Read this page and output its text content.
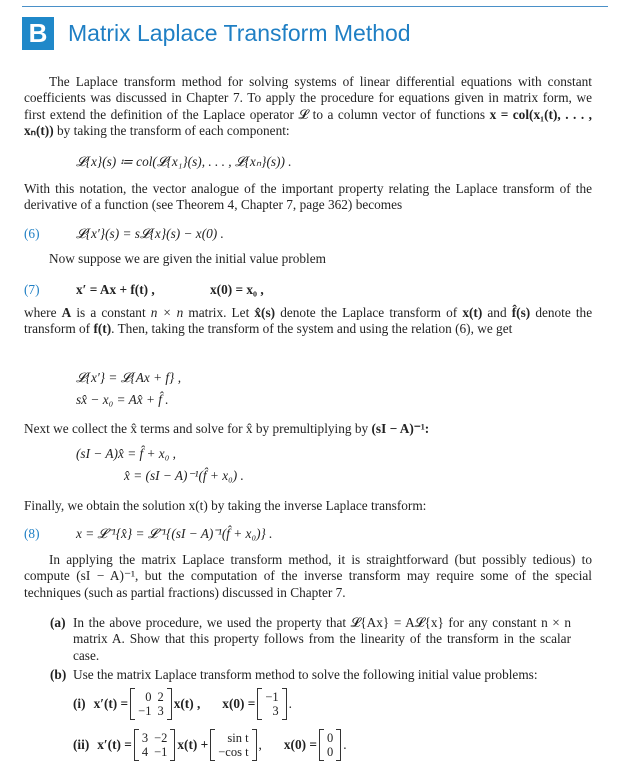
B Matrix Laplace Transform Method

The Laplace transform method for solving systems of linear differential equations with constant coefficients was discussed in Chapter 7. To apply the procedure for equations given in matrix form, we first extend the definition of the Laplace operator 𝓛 to a column vector of functions x = col(x₁(t), . . . , xₙ(t)) by taking the transform of each component:

𝓛{x}(s) ≔ col(𝓛{x₁}(s), . . . , 𝓛{xₙ}(s)) .

With this notation, the vector analogue of the important property relating the Laplace transform of the derivative of a function (see Theorem 4, Chapter 7, page 362) becomes

(6)	𝓛{x′}(s) = s𝓛{x}(s) − x(0) .

Now suppose we are given the initial value problem

(7)	x′ = Ax + f(t) ,	x(0) = x₀ ,

where A is a constant n × n matrix. Let x̂(s) denote the Laplace transform of x(t) and f̂(s) denote the transform of f(t). Then, taking the transform of the system and using the relation (6), we get

𝓛{x′} = 𝓛{Ax + f} ,
sx̂ − x₀ = Ax̂ + f̂ .

Next we collect the x̂ terms and solve for x̂ by premultiplying by (sI − A)⁻¹:

(sI − A)x̂ = f̂ + x₀ ,
x̂ = (sI − A)⁻¹(f̂ + x₀) .

Finally, we obtain the solution x(t) by taking the inverse Laplace transform:

(8)	x = 𝓛⁻¹{x̂} = 𝓛⁻¹{(sI − A)⁻¹(f̂ + x₀)} .

In applying the matrix Laplace transform method, it is straightforward (but possibly tedious) to compute (sI − A)⁻¹, but the computation of the inverse transform may require some of the special techniques (such as partial fractions) discussed in Chapter 7.

(a) In the above procedure, we used the property that 𝓛{Ax} = A𝓛{x} for any constant n × n matrix A. Show that this property follows from the linearity of the transform in the scalar case.

(b) Use the matrix Laplace transform method to solve the following initial value problems:

(i) x′(t) = 0	2
−1	3 x(t) , x(0) = −1
3 .
(ii) x′(t) = 3	−2
4	−1 x(t) + sin t
−cos t , x(0) = 0
0 .
